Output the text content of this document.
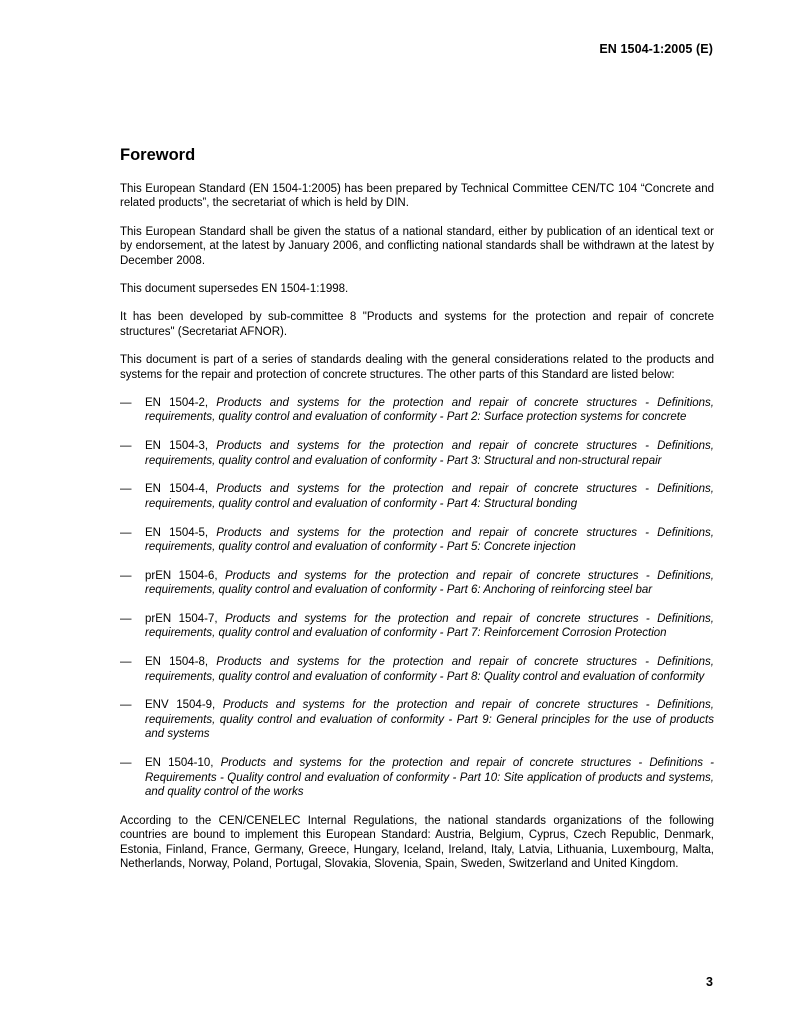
EN 1504-1:2005 (E)
Foreword

This European Standard (EN 1504-1:2005) has been prepared by Technical Committee CEN/TC 104 “Concrete and related products”, the secretariat of which is held by DIN.

This European Standard shall be given the status of a national standard, either by publication of an identical text or by endorsement, at the latest by January 2006, and conflicting national standards shall be withdrawn at the latest by December 2008.

This document supersedes EN 1504-1:1998.

It has been developed by sub-committee 8 "Products and systems for the protection and repair of concrete structures" (Secretariat AFNOR).

This document is part of a series of standards dealing with the general considerations related to the products and systems for the repair and protection of concrete structures. The other parts of this Standard are listed below:

— EN 1504-2, Products and systems for the protection and repair of concrete structures - Definitions, requirements, quality control and evaluation of conformity - Part 2: Surface protection systems for concrete
— EN 1504-3, Products and systems for the protection and repair of concrete structures - Definitions, requirements, quality control and evaluation of conformity - Part 3: Structural and non-structural repair
— EN 1504-4, Products and systems for the protection and repair of concrete structures - Definitions, requirements, quality control and evaluation of conformity - Part 4: Structural bonding
— EN 1504-5, Products and systems for the protection and repair of concrete structures - Definitions, requirements, quality control and evaluation of conformity - Part 5: Concrete injection
— prEN 1504-6, Products and systems for the protection and repair of concrete structures - Definitions, requirements, quality control and evaluation of conformity - Part 6: Anchoring of reinforcing steel bar
— prEN 1504-7, Products and systems for the protection and repair of concrete structures - Definitions, requirements, quality control and evaluation of conformity - Part 7: Reinforcement Corrosion Protection
— EN 1504-8, Products and systems for the protection and repair of concrete structures - Definitions, requirements, quality control and evaluation of conformity - Part 8: Quality control and evaluation of conformity
— ENV 1504-9, Products and systems for the protection and repair of concrete structures - Definitions, requirements, quality control and evaluation of conformity - Part 9: General principles for the use of products and systems
— EN 1504-10, Products and systems for the protection and repair of concrete structures - Definitions - Requirements - Quality control and evaluation of conformity - Part 10: Site application of products and systems, and quality control of the works

According to the CEN/CENELEC Internal Regulations, the national standards organizations of the following countries are bound to implement this European Standard: Austria, Belgium, Cyprus, Czech Republic, Denmark, Estonia, Finland, France, Germany, Greece, Hungary, Iceland, Ireland, Italy, Latvia, Lithuania, Luxembourg, Malta, Netherlands, Norway, Poland, Portugal, Slovakia, Slovenia, Spain, Sweden, Switzerland and United Kingdom.

3
